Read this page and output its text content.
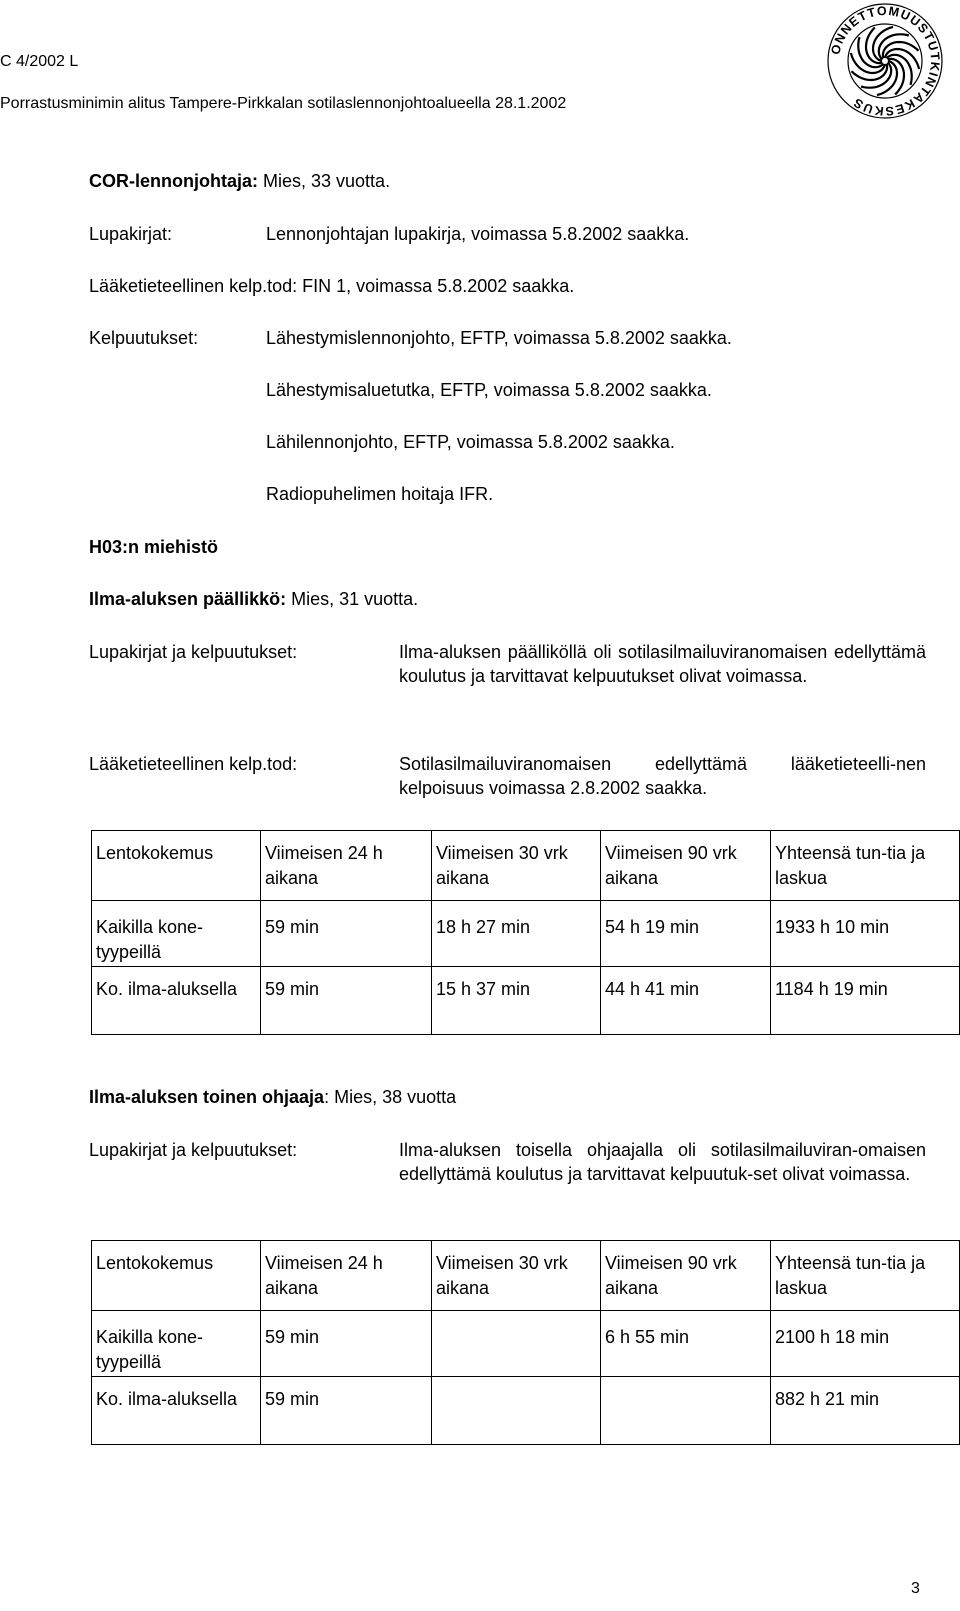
C 4/2002 L
Porrastusminimin alitus Tampere-Pirkkalan sotilaslennonjohtoalueella 28.1.2002
ONNETTOMUUSTUTKINTAKESKUS
COR-lennonjohtaja: Mies, 33 vuotta.
Lupakirjat:	Lennonjohtajan lupakirja, voimassa 5.8.2002 saakka.
Lääketieteellinen kelp.tod: FIN 1, voimassa 5.8.2002 saakka.
Kelpuutukset:	Lähestymislennonjohto, EFTP, voimassa 5.8.2002 saakka.
Lähestymisaluetutka, EFTP, voimassa 5.8.2002 saakka.
Lähilennonjohto, EFTP, voimassa 5.8.2002 saakka.
Radiopuhelimen hoitaja IFR.
H03:n miehistö
Ilma-aluksen päällikkö: Mies, 31 vuotta.
Lupakirjat ja kelpuutukset:	Ilma-aluksen päälliköllä oli sotilasilmailuviranomaisen edellyttämä koulutus ja tarvittavat kelpuutukset olivat voimassa.
Lääketieteellinen kelp.tod:	Sotilasilmailuviranomaisen edellyttämä lääketieteelli-nen kelpoisuus voimassa 2.8.2002 saakka.
Lentokokemus	Viimeisen 24 h aikana	Viimeisen 30 vrk aikana	Viimeisen 90 vrk aikana	Yhteensä tun-tia ja laskua
Kaikilla kone-tyypeillä	59 min	18 h 27 min	54 h 19 min	1933 h 10 min
Ko. ilma-aluksella	59 min	15 h 37 min	44 h 41 min	1184 h 19 min
Ilma-aluksen toinen ohjaaja: Mies, 38 vuotta
Lupakirjat ja kelpuutukset:	Ilma-aluksen toisella ohjaajalla oli sotilasilmailuviran-omaisen edellyttämä koulutus ja tarvittavat kelpuutuk-set olivat voimassa.
Lentokokemus	Viimeisen 24 h aikana	Viimeisen 30 vrk aikana	Viimeisen 90 vrk aikana	Yhteensä tun-tia ja laskua
Kaikilla kone-tyypeillä	59 min		6 h 55 min	2100 h 18 min
Ko. ilma-aluksella	59 min			882 h 21 min
3
